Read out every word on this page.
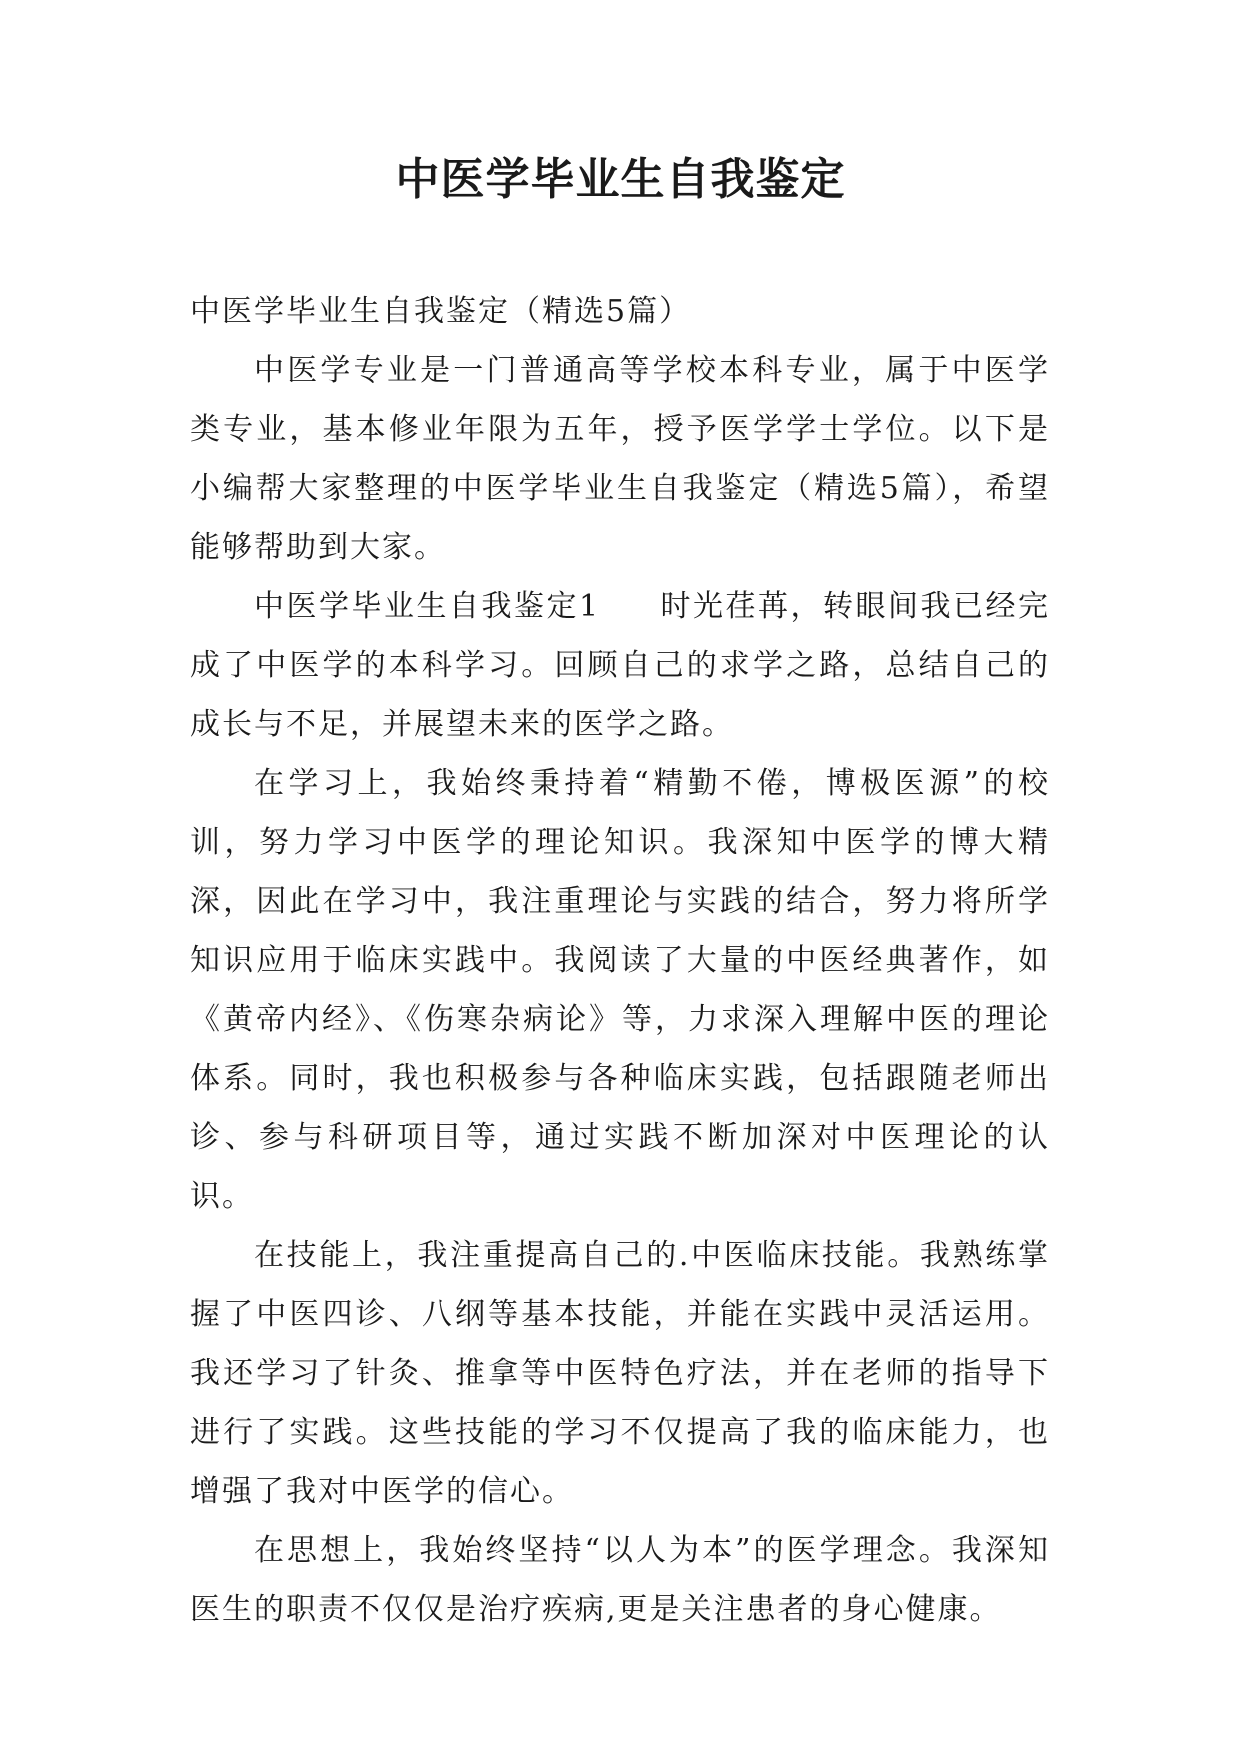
中医学毕业生自我鉴定

中医学毕业生自我鉴定（精选5篇）

中医学专业是一门普通高等学校本科专业，属于中医学类专业，基本修业年限为五年，授予医学学士学位。以下是小编帮大家整理的中医学毕业生自我鉴定（精选5篇），希望能够帮助到大家。

中医学毕业生自我鉴定1 时光荏苒，转眼间我已经完成了中医学的本科学习。回顾自己的求学之路，总结自己的成长与不足，并展望未来的医学之路。

在学习上，我始终秉持着“精勤不倦，博极医源”的校训，努力学习中医学的理论知识。我深知中医学的博大精深，因此在学习中，我注重理论与实践的结合，努力将所学知识应用于临床实践中。我阅读了大量的中医经典著作，如《黄帝内经》、《伤寒杂病论》等，力求深入理解中医的理论体系。同时，我也积极参与各种临床实践，包括跟随老师出诊、参与科研项目等，通过实践不断加深对中医理论的认识。

在技能上，我注重提高自己的.中医临床技能。我熟练掌握了中医四诊、八纲等基本技能，并能在实践中灵活运用。我还学习了针灸、推拿等中医特色疗法，并在老师的指导下进行了实践。这些技能的学习不仅提高了我的临床能力，也增强了我对中医学的信心。

在思想上，我始终坚持“以人为本”的医学理念。我深知医生的职责不仅仅是治疗疾病,更是关注患者的身心健康。
